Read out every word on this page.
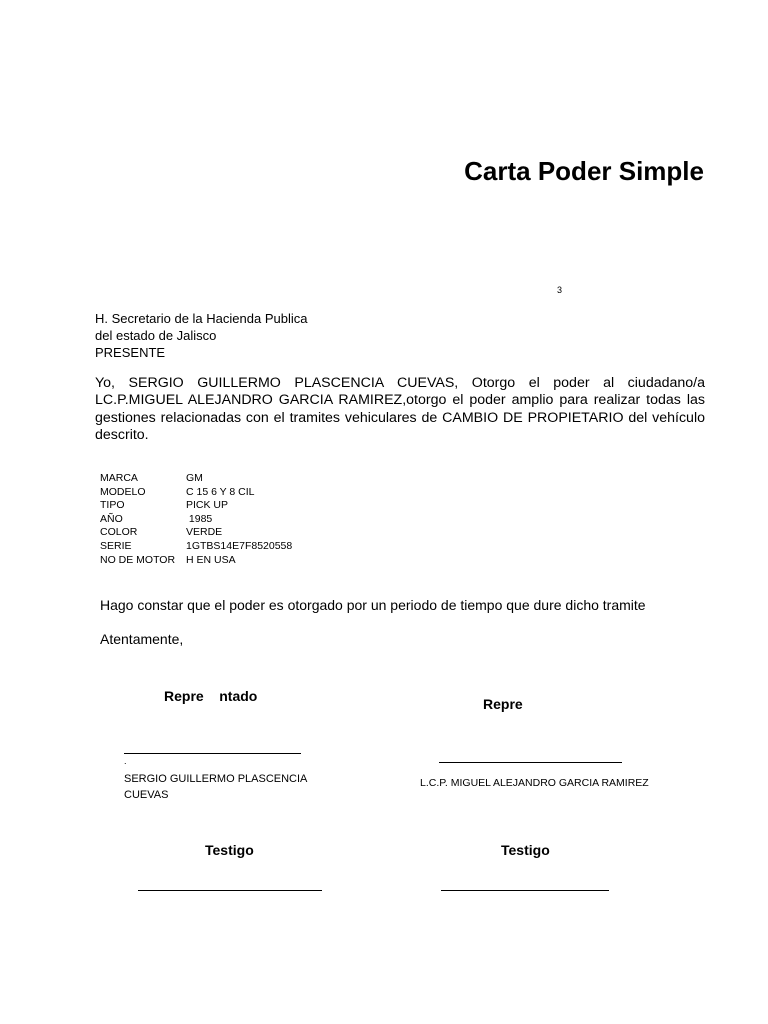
Carta Poder Simple
3
H. Secretario de la Hacienda Publica
del estado de Jalisco
PRESENTE

Yo, SERGIO GUILLERMO PLASCENCIA CUEVAS, Otorgo el poder al ciudadano/a LC.P.MIGUEL ALEJANDRO GARCIA RAMIREZ,otorgo el poder amplio para realizar todas las gestiones relacionadas con el tramites vehiculares de CAMBIO DE PROPIETARIO del vehículo descrito.

MARCA	GM
MODELO	C 15 6 Y 8 CIL
TIPO	PICK UP
AÑO	1985
COLOR	VERDE
SERIE	1GTBS14E7F8520558
NO DE MOTOR	H EN USA
Hago constar que el poder es otorgado por un periodo de tiempo que dure dicho tramite
Atentamente,
Repre    ntado
.
SERGIO GUILLERMO PLASCENCIA
CUEVAS
Repre
L.C.P. MIGUEL ALEJANDRO GARCIA RAMIREZ
Testigo	Testigo
